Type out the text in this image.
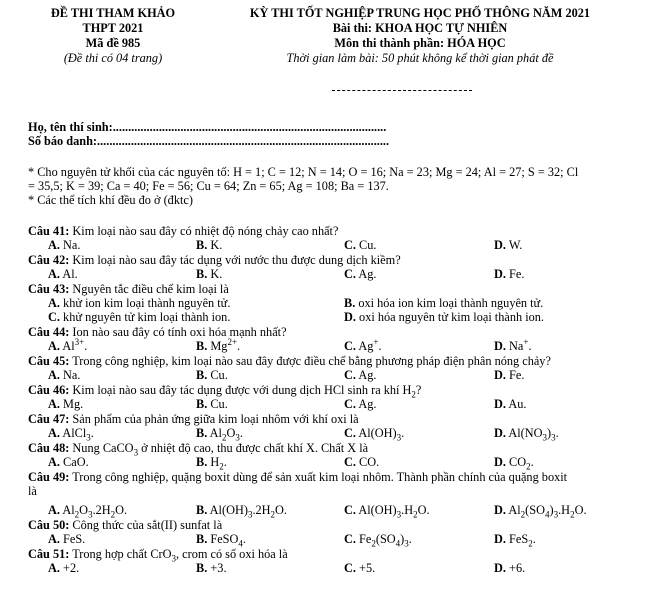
ĐỀ THI THAM KHẢO
THPT 2021
Mã đề 985
(Đề thi có 04 trang)
KỲ THI TỐT NGHIỆP TRUNG HỌC PHỔ THÔNG NĂM 2021
Bài thi: KHOA HỌC TỰ NHIÊN
Môn thi thành phần: HÓA HỌC
Thời gian làm bài: 50 phút không kể thời gian phát đề
Họ, tên thí sinh:.........................................................................................
Số báo danh:...............................................................................................
* Cho nguyên tử khối của các nguyên tố: H = 1; C = 12; N = 14; O = 16; Na = 23; Mg = 24; Al = 27; S = 32; Cl
= 35,5; K = 39; Ca = 40; Fe = 56; Cu = 64; Zn = 65; Ag = 108; Ba = 137.
* Các thể tích khí đều đo ở (đktc)
Câu 41: Kim loại nào sau đây có nhiệt độ nóng chảy cao nhất?
A. Na.	B. K.	C. Cu.	D. W.
Câu 42: Kim loại nào sau đây tác dụng với nước thu được dung dịch kiềm?
A. Al.	B. K.	C. Ag.	D. Fe.
Câu 43: Nguyên tắc điều chế kim loại là
A. khử ion kim loại thành nguyên tử.	B. oxi hóa ion kim loại thành nguyên tử.
C. khử nguyên tử kim loại thành ion.	D. oxi hóa nguyên tử kim loại thành ion.
Câu 44: Ion nào sau đây có tính oxi hóa mạnh nhất?
A. $Al^{3+}$.	B. $Mg^{2+}$.	C. Ag+.	D. Na+.
Câu 45: Trong công nghiệp, kim loại nào sau đây được điều chế bằng phương pháp điện phân nóng chảy?
A. Na.	B. Cu.	C. Ag.	D. Fe.
Câu 46: Kim loại nào sau đây tác dụng được với dung dịch HCl sinh ra khí $H_2$?
A. Mg.	B. Cu.	C. Ag.	D. Au.
Câu 47: Sản phẩm của phản ứng giữa kim loại nhôm với khí oxi là
A. AlCl$_3$.	B. $Al_2O_3$.	C. $Al(OH)_3$.	D. $Al(NO_3)_3$.
Câu 48: Nung CaCO$_3$ ở nhiệt độ cao, thu được chất khí X. Chất X là
A. CaO.	B. $H_2$.	C. CO.	D. $CO_2$.
Câu 49: Trong công nghiệp, quặng boxit dùng để sản xuất kim loại nhôm. Thành phần chính của quặng boxit
là
A. $Al_2O_3.2H_2O$.	B. $Al(OH)_3.2H_2O$.	C. $Al(OH)_3.H_2O$.	D. $Al_2(SO_4)_3.H_2O$.
Câu 50: Công thức của sắt(II) sunfat là
A. FeS.	B. FeSO$_4$.	C. $Fe_2(SO_4)_3$.	D. FeS$_2$.
Câu 51: Trong hợp chất CrO$_3$, crom có số oxi hóa là
A. +2.	B. +3.	C. +5.	D. +6.
